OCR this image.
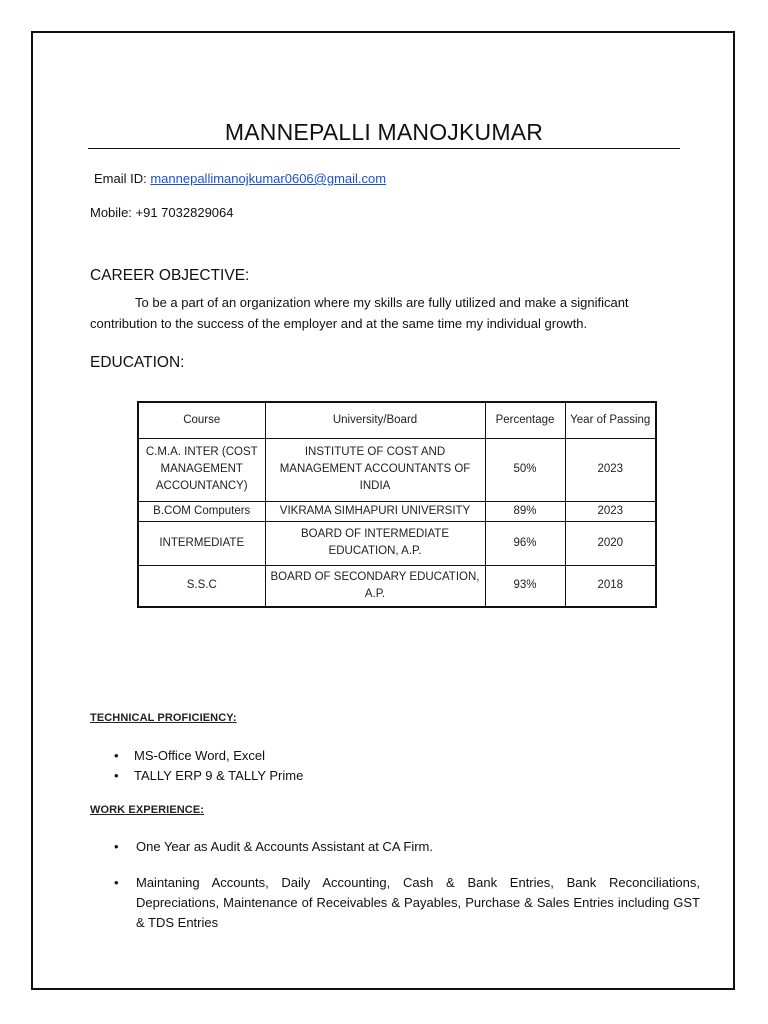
MANNEPALLI MANOJKUMAR
Email ID: mannepallimanojkumar0606@gmail.com
Mobile: +91 7032829064
CAREER OBJECTIVE:
To be a part of an organization where my skills are fully utilized and make a significant contribution to the success of the employer and at the same time my individual growth.
EDUCATION:
Course	University/Board	Percentage	Year of Passing
C.M.A. INTER (COST MANAGEMENT ACCOUNTANCY)	INSTITUTE OF COST AND MANAGEMENT ACCOUNTANTS OF INDIA	50%	2023
B.COM Computers	VIKRAMA SIMHAPURI UNIVERSITY	89%	2023
INTERMEDIATE	BOARD OF INTERMEDIATE EDUCATION, A.P.	96%	2020
S.S.C	BOARD OF SECONDARY EDUCATION, A.P.	93%	2018
TECHNICAL PROFICIENCY:
• MS-Office Word, Excel
• TALLY ERP 9 & TALLY Prime
WORK EXPERIENCE:
• One Year as Audit & Accounts Assistant at CA Firm.
• Maintaning Accounts, Daily Accounting, Cash & Bank Entries, Bank Reconciliations, Depreciations, Maintenance of Receivables & Payables, Purchase & Sales Entries including GST & TDS Entries
